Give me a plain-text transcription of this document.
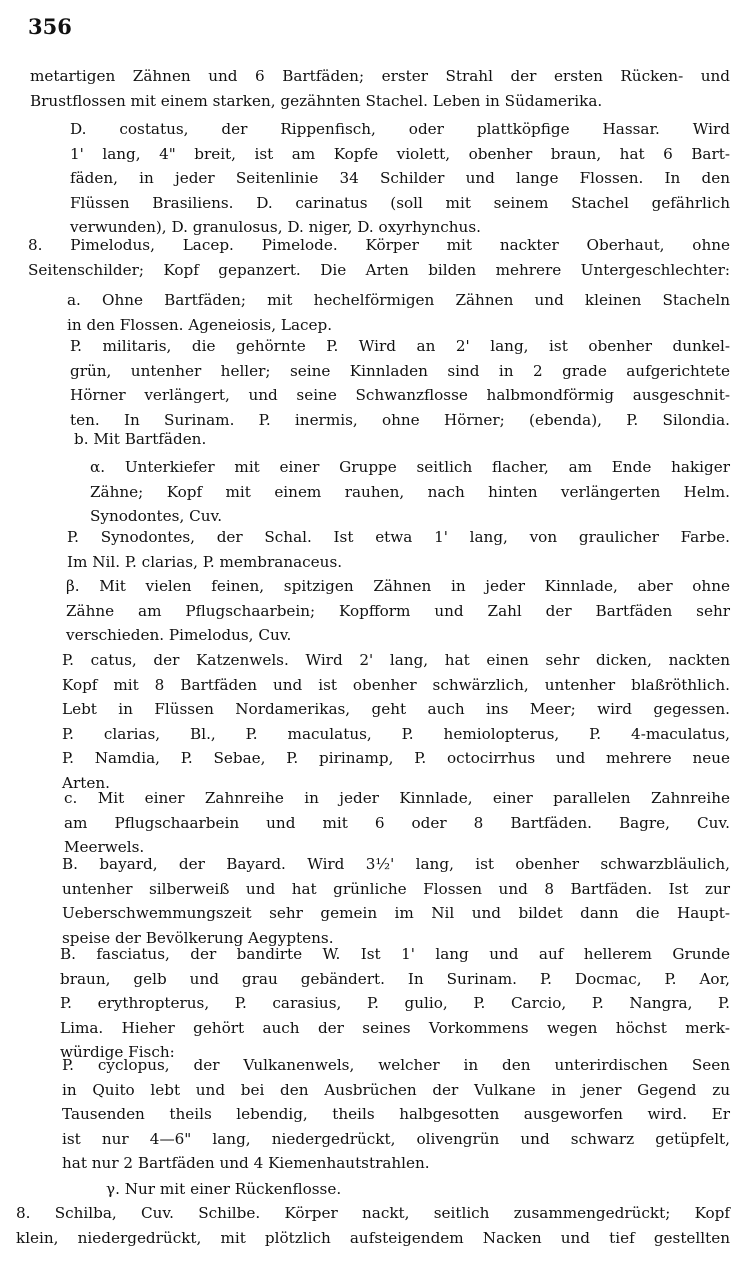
356
metartigen Zähnen und 6 Bartfäden; erster Strahl der ersten Rücken- und
Brustflossen mit einem starken, gezähnten Stachel. Leben in Südamerika.
D. costatus, der Rippenfisch, oder plattköpfige Hassar. Wird
1' lang, 4" breit, ist am Kopfe violett, obenher braun, hat 6 Bart-
fäden, in jeder Seitenlinie 34 Schilder und lange Flossen. In den
Flüssen Brasiliens. D. carinatus (soll mit seinem Stachel gefährlich
verwunden), D. granulosus, D. niger, D. oxyrhynchus.
8. Pimelodus, Lacep. Pimelode. Körper mit nackter Oberhaut, ohne
Seitenschilder; Kopf gepanzert. Die Arten bilden mehrere Untergeschlechter:
a. Ohne Bartfäden; mit hechelförmigen Zähnen und kleinen Stacheln
in den Flossen. Ageneiosis, Lacep.
P. militaris, die gehörnte P. Wird an 2' lang, ist obenher dunkel-
grün, untenher heller; seine Kinnladen sind in 2 grade aufgerichtete
Hörner verlängert, und seine Schwanzflosse halbmondförmig ausgeschnit-
ten. In Surinam. P. inermis, ohne Hörner; (ebenda), P. Silondia.
b. Mit Bartfäden.
α. Unterkiefer mit einer Gruppe seitlich flacher, am Ende hakiger
Zähne; Kopf mit einem rauhen, nach hinten verlängerten Helm.
Synodontes, Cuv.
P. Synodontes, der Schal. Ist etwa 1' lang, von graulicher Farbe.
Im Nil. P. clarias, P. membranaceus.
β. Mit vielen feinen, spitzigen Zähnen in jeder Kinnlade, aber ohne
Zähne am Pflugschaarbein; Kopfform und Zahl der Bartfäden sehr
verschieden. Pimelodus, Cuv.
P. catus, der Katzenwels. Wird 2' lang, hat einen sehr dicken, nackten
Kopf mit 8 Bartfäden und ist obenher schwärzlich, untenher blaßröthlich.
Lebt in Flüssen Nordamerikas, geht auch ins Meer; wird gegessen.
P. clarias, Bl., P. maculatus, P. hemiolopterus, P. 4-maculatus,
P. Namdia, P. Sebae, P. pirinamp, P. octocirrhus und mehrere neue
Arten.
c. Mit einer Zahnreihe in jeder Kinnlade, einer parallelen Zahnreihe
am Pflugschaarbein und mit 6 oder 8 Bartfäden. Bagre, Cuv.
Meerwels.
B. bayard, der Bayard. Wird 3½' lang, ist obenher schwarzbläulich,
untenher silberweiß und hat grünliche Flossen und 8 Bartfäden. Ist zur
Ueberschwemmungszeit sehr gemein im Nil und bildet dann die Haupt-
speise der Bevölkerung Aegyptens.
B. fasciatus, der bandirte W. Ist 1' lang und auf hellerem Grunde
braun, gelb und grau gebändert. In Surinam. P. Docmac, P. Aor,
P. erythropterus, P. carasius, P. gulio, P. Carcio, P. Nangra, P.
Lima. Hieher gehört auch der seines Vorkommens wegen höchst merk-
würdige Fisch:
P. cyclopus, der Vulkanenwels, welcher in den unterirdischen Seen
in Quito lebt und bei den Ausbrüchen der Vulkane in jener Gegend zu
Tausenden theils lebendig, theils halbgesotten ausgeworfen wird. Er
ist nur 4—6" lang, niedergedrückt, olivengrün und schwarz getüpfelt,
hat nur 2 Bartfäden und 4 Kiemenhautstrahlen.
γ. Nur mit einer Rückenflosse.
8. Schilba, Cuv. Schilbe. Körper nackt, seitlich zusammengedrückt; Kopf
klein, niedergedrückt, mit plötzlich aufsteigendem Nacken und tief gestellten
